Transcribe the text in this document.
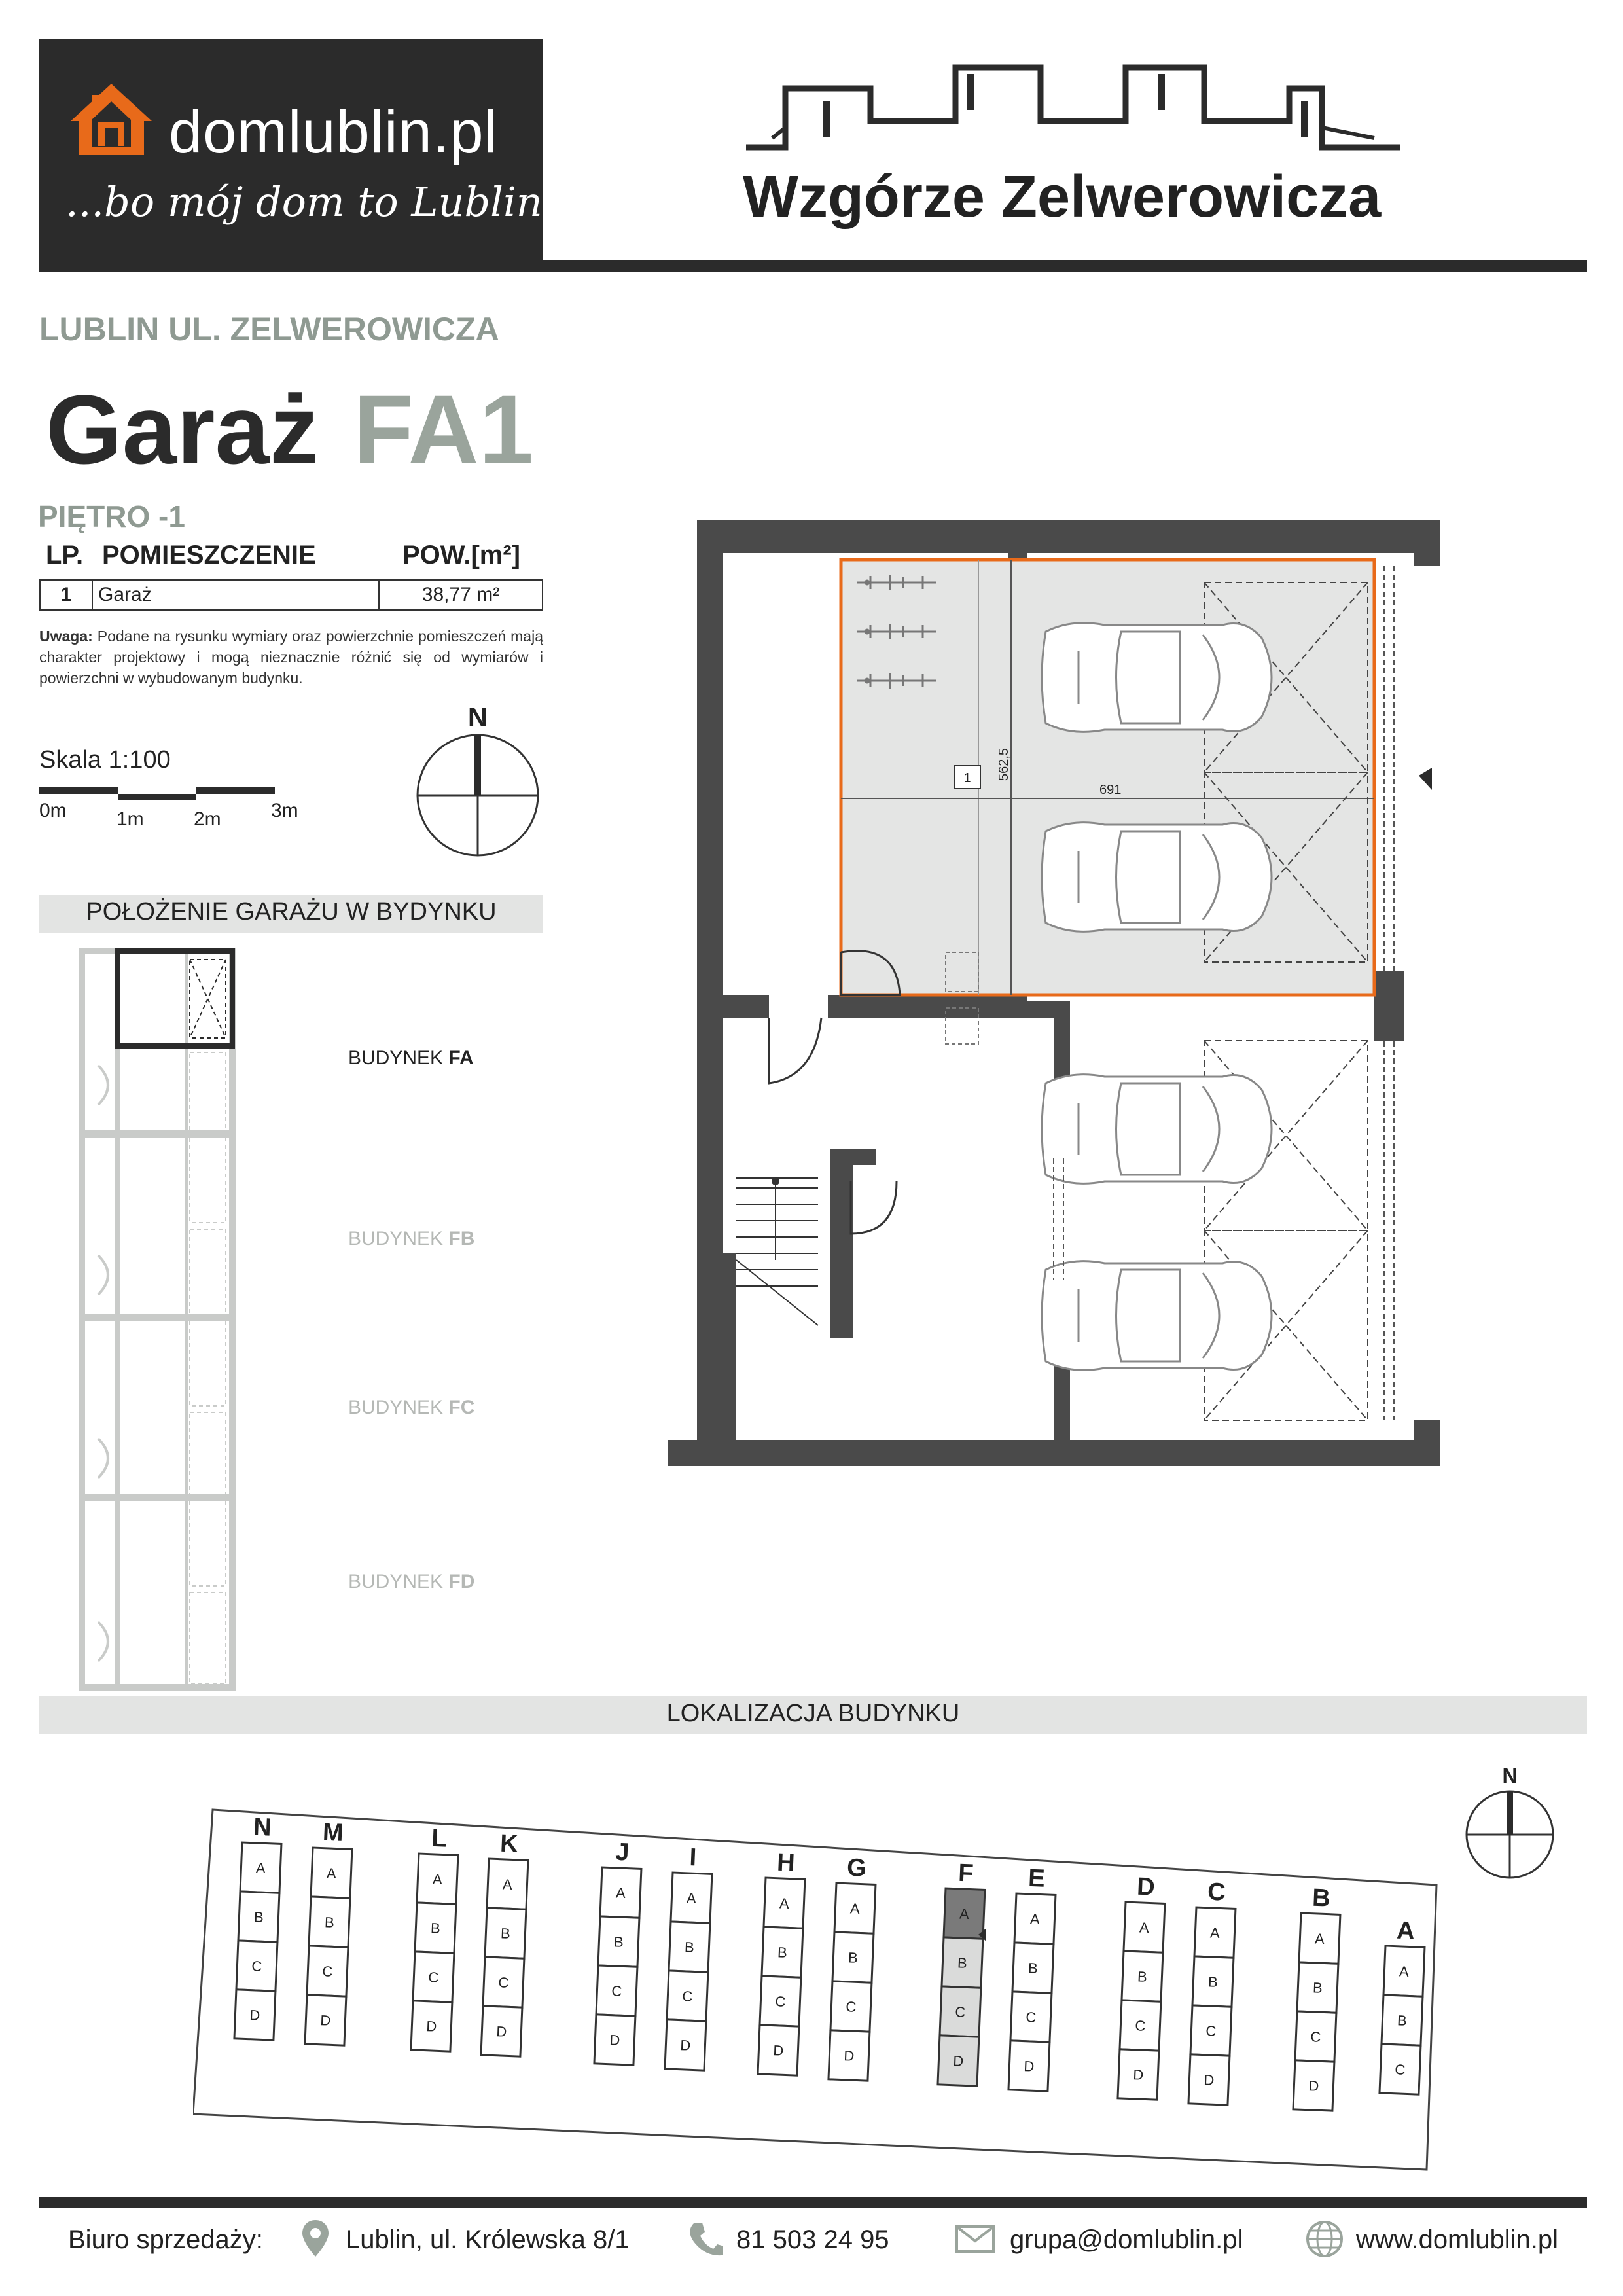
domlublin.pl
...bo mój dom to Lublin	Wzgórze Zelwerowicza
LUBLIN UL. ZELWEROWICZA
Garaż FA1
PIĘTRO -1
LP. POMIESZCZENIE	POW.[m²]
1	Garaż	38,77 m²
Uwaga: Podane na rysunku wymiary oraz powierzchnie pomieszczeń mają charakter projektowy i mogą nieznacznie różnić się od wymiarów i powierzchni w wybudowanym budynku.
Skala 1:100
0m	1m	2m	3m
N
POŁOŻENIE GARAŻU W BYDYNKU
BUDYNEK FA
BUDYNEK FB
BUDYNEK FC
BUDYNEK FD
562,5
691
1
LOKALIZACJA BUDYNKU
N
A
B
C
D
M
A
B
C
D
L
A
B
C
D
K
A
B
C
D
J
A
B
C
D
I
A
B
C
D
H
A
B
C
D
G
A
B
C
D
F
A
B
C
D
E
A
B
C
D
D
A
B
C
D
C
A
B
C
D
B
A
B
C
D
A
A
B
C
N
Biuro sprzedaży:	Lublin, ul. Królewska 8/1	81 503 24 95	grupa@domlublin.pl	www.domlublin.pl
